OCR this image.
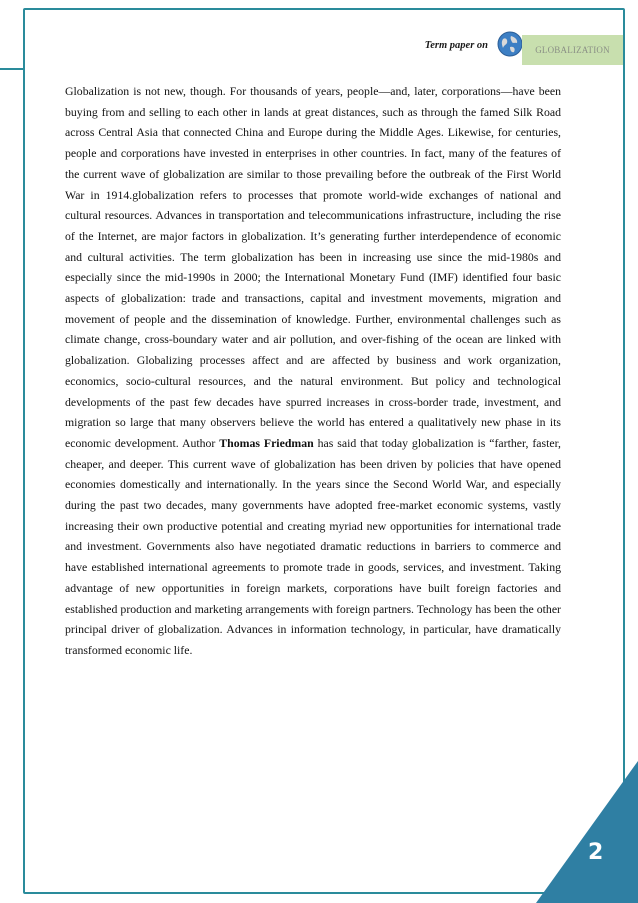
Term paper on	GLOBALIZATION

Globalization is not new, though. For thousands of years, people—and, later, corporations—have been buying from and selling to each other in lands at great distances, such as through the famed Silk Road across Central Asia that connected China and Europe during the Middle Ages. Likewise, for centuries, people and corporations have invested in enterprises in other countries. In fact, many of the features of the current wave of globalization are similar to those prevailing before the outbreak of the First World War in 1914.globalization refers to processes that promote world-wide exchanges of national and cultural resources. Advances in transportation and telecommunications infrastructure, including the rise of the Internet, are major factors in globalization. It’s generating further interdependence of economic and cultural activities. The term globalization has been in increasing use since the mid-1980s and especially since the mid-1990s in 2000; the International Monetary Fund (IMF) identified four basic aspects of globalization: trade and transactions, capital and investment movements, migration and movement of people and the dissemination of knowledge. Further, environmental challenges such as climate change, cross-boundary water and air pollution, and over-fishing of the ocean are linked with globalization. Globalizing processes affect and are affected by business and work organization, economics, socio-cultural resources, and the natural environment. But policy and technological developments of the past few decades have spurred increases in cross-border trade, investment, and migration so large that many observers believe the world has entered a qualitatively new phase in its economic development. Author Thomas Friedman has said that today globalization is “farther, faster, cheaper, and deeper. This current wave of globalization has been driven by policies that have opened economies domestically and internationally. In the years since the Second World War, and especially during the past two decades, many governments have adopted free-market economic systems, vastly increasing their own productive potential and creating myriad new opportunities for international trade and investment. Governments also have negotiated dramatic reductions in barriers to commerce and have established international agreements to promote trade in goods, services, and investment. Taking advantage of new opportunities in foreign markets, corporations have built foreign factories and established production and marketing arrangements with foreign partners. Technology has been the other principal driver of globalization. Advances in information technology, in particular, have dramatically transformed economic life.

2
